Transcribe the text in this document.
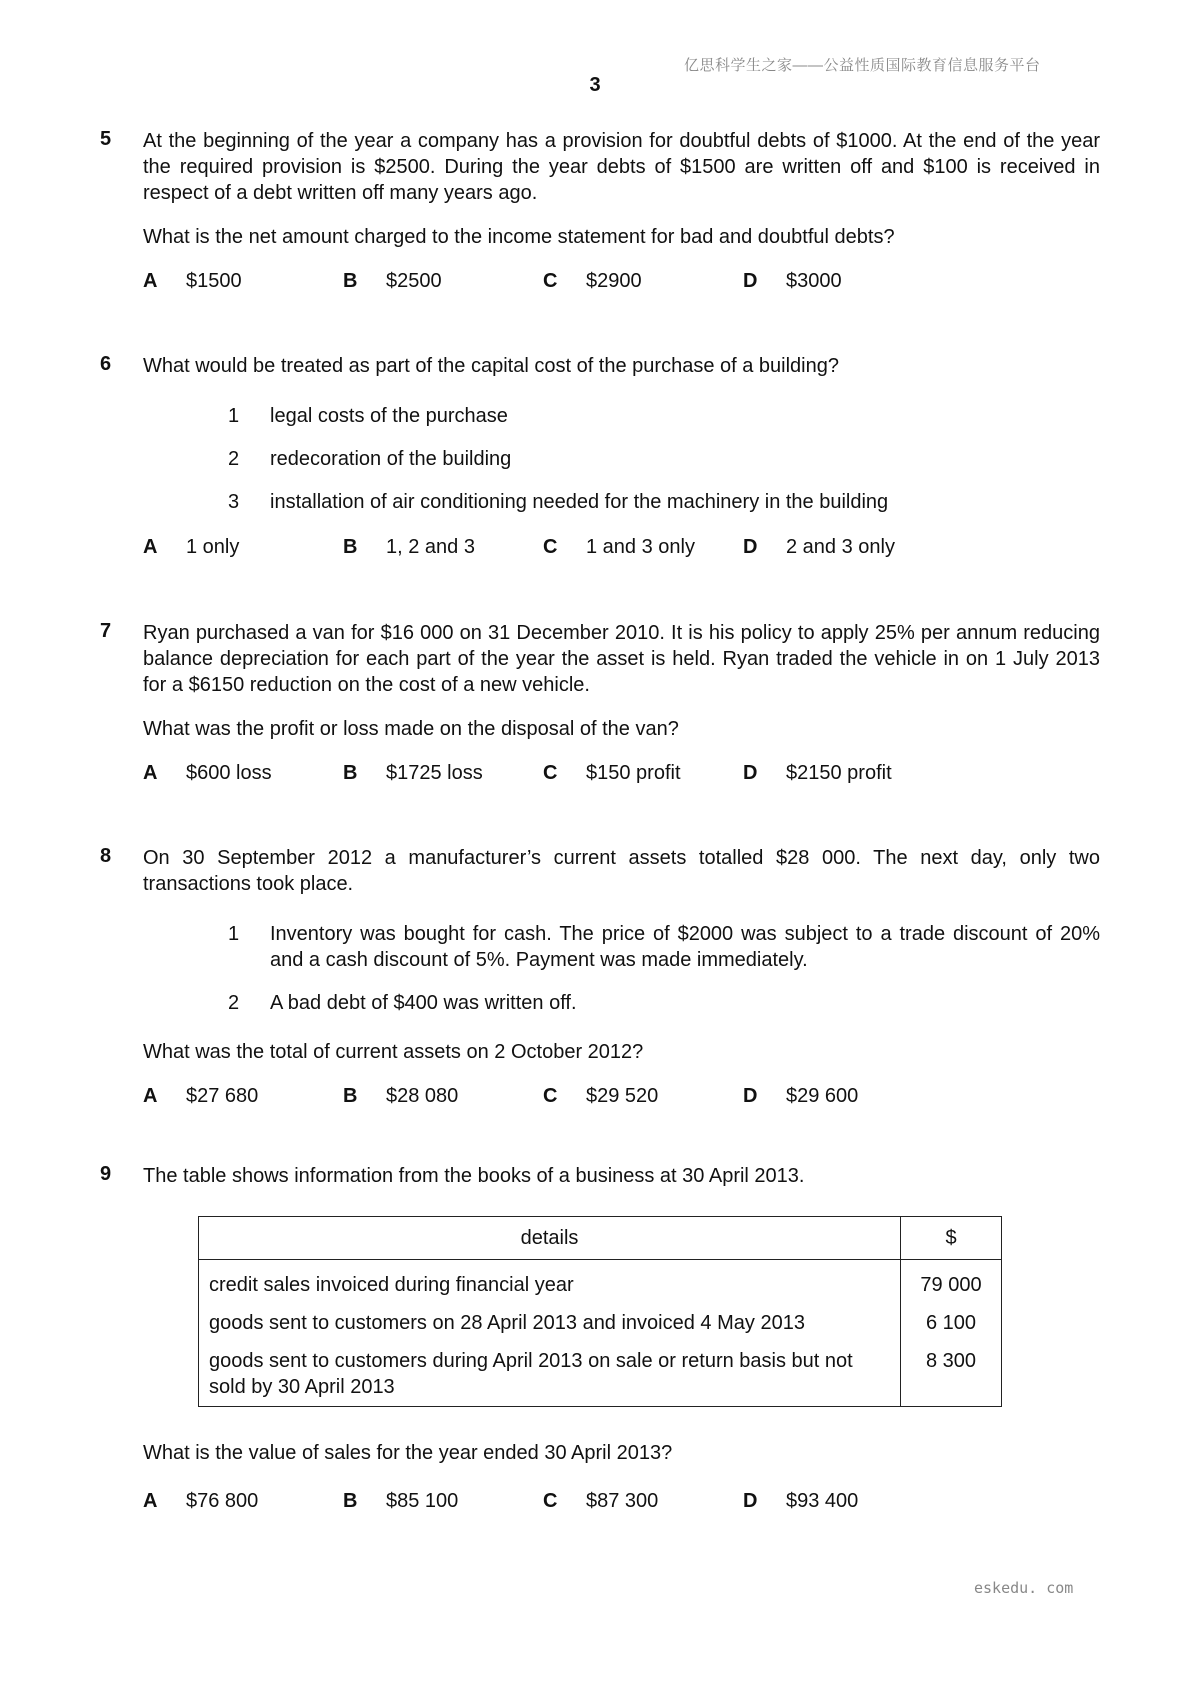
亿思科学生之家——公益性质国际教育信息服务平台
3
5 At the beginning of the year a company has a provision for doubtful debts of $1000. At the end of the year the required provision is $2500. During the year debts of $1500 are written off and $100 is received in respect of a debt written off many years ago.

What is the net amount charged to the income statement for bad and doubtful debts?
A $1500	B $2500	C $2900	D $3000
6 What would be treated as part of the capital cost of the purchase of a building?

1 legal costs of the purchase
2 redecoration of the building
3 installation of air conditioning needed for the machinery in the building
A 1 only	B 1, 2 and 3	C 1 and 3 only D 2 and 3 only
7 Ryan purchased a van for $16 000 on 31 December 2010. It is his policy to apply 25% per annum reducing balance depreciation for each part of the year the asset is held. Ryan traded the vehicle in on 1 July 2013 for a $6150 reduction on the cost of a new vehicle.

What was the profit or loss made on the disposal of the van?
A $600 loss	B $1725 loss	C $150 profit	D $2150 profit
8 On 30 September 2012 a manufacturer’s current assets totalled $28 000. The next day, only two transactions took place.

1 Inventory was bought for cash. The price of $2000 was subject to a trade discount of 20% and a cash discount of 5%. Payment was made immediately.
2 A bad debt of $400 was written off.
What was the total of current assets on 2 October 2012?
A $27 680	B $28 080	C $29 520	D $29 600
9 The table shows information from the books of a business at 30 April 2013.

details	$
credit sales invoiced during financial year	79 000
goods sent to customers on 28 April 2013 and invoiced 4 May 2013	6 100
goods sent to customers during April 2013 on sale or return basis but not sold by 30 April 2013	8 300
What is the value of sales for the year ended 30 April 2013?
A $76 800	B $85 100	C $87 300	D $93 400
eskedu. com
